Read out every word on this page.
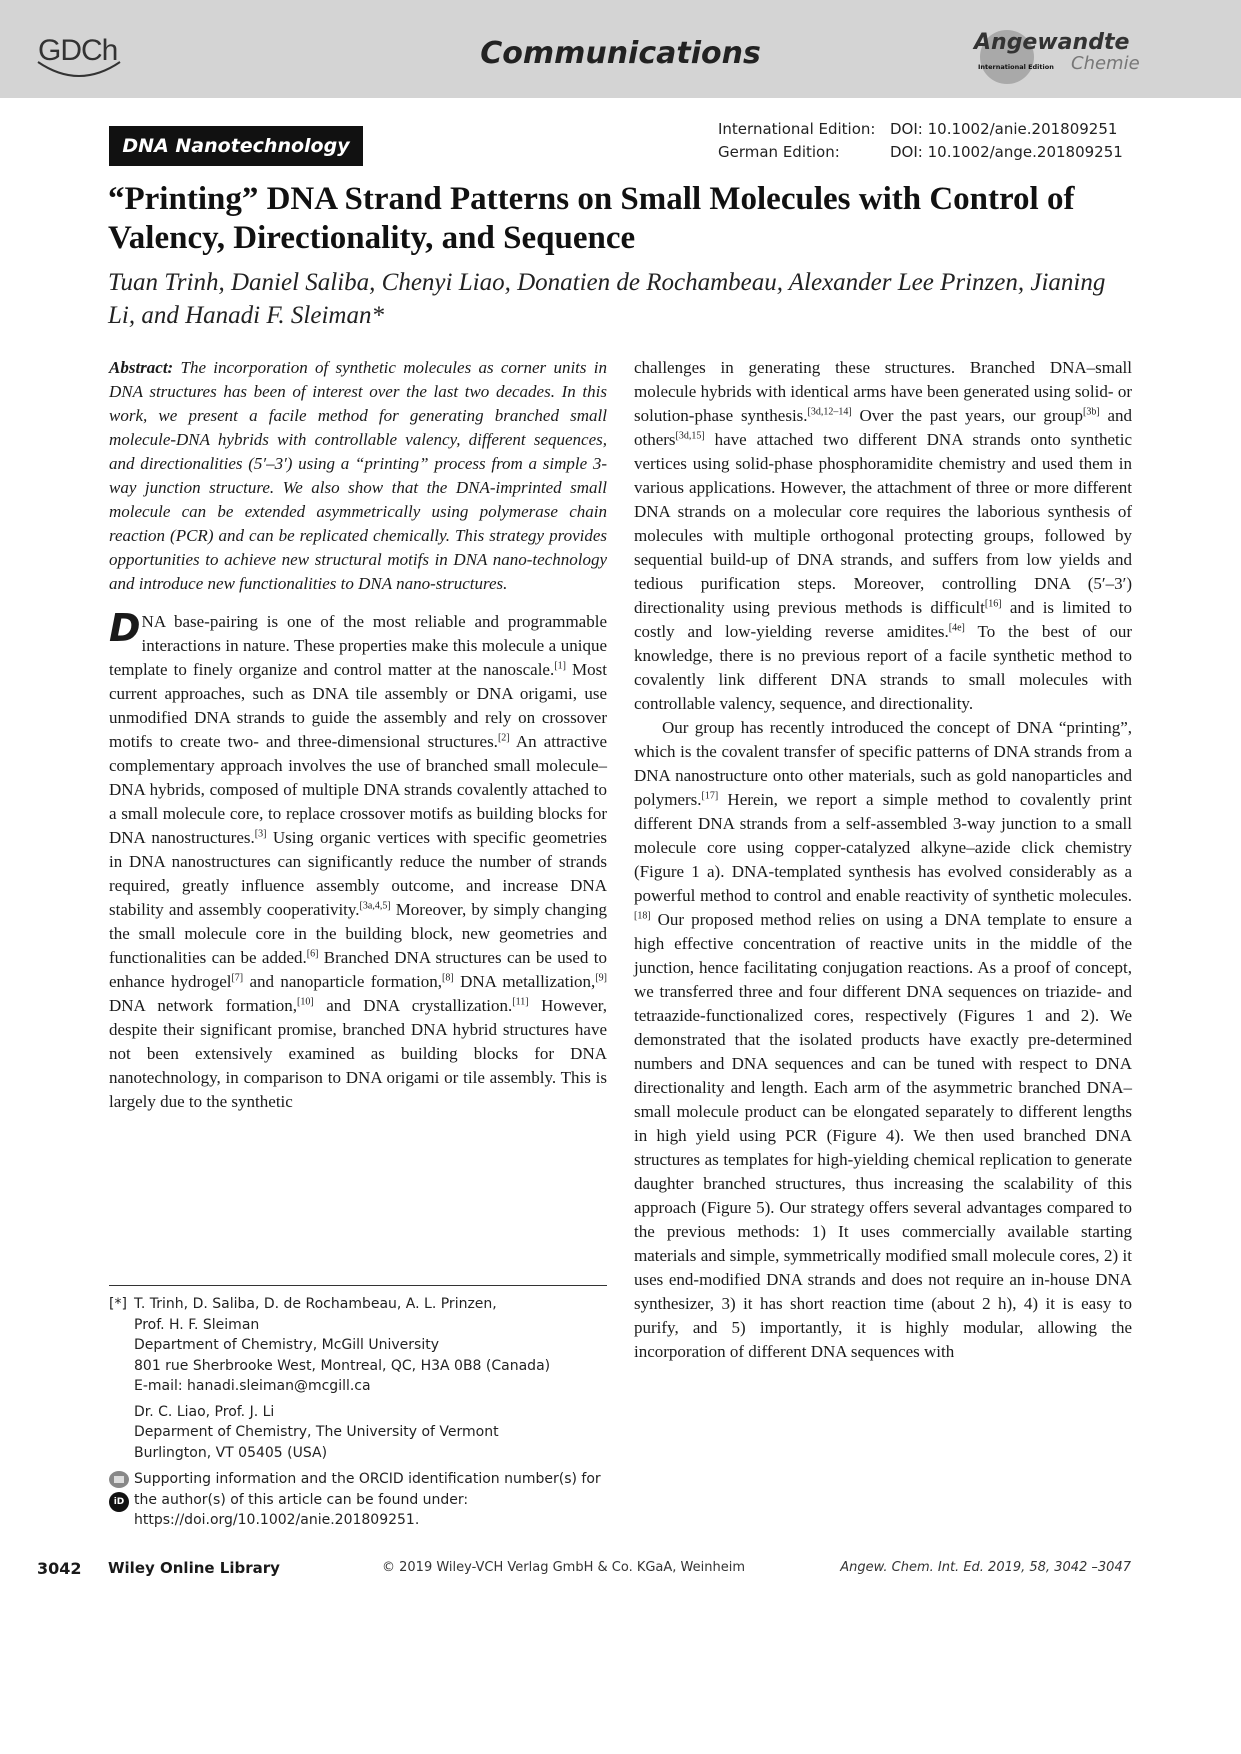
GDCh	Communications	Angewandte
International Edition Chemie
DNA Nanotechnology
International Edition: DOI: 10.1002/anie.201809251
German Edition:	DOI: 10.1002/ange.201809251
“Printing” DNA Strand Patterns on Small Molecules with Control of Valency, Directionality, and Sequence
Tuan Trinh, Daniel Saliba, Chenyi Liao, Donatien de Rochambeau, Alexander Lee Prinzen, Jianing Li, and Hanadi F. Sleiman*

Abstract: The incorporation of synthetic molecules as corner units in DNA structures has been of interest over the last two decades. In this work, we present a facile method for generating branched small molecule-DNA hybrids with controllable valency, different sequences, and directionalities (5′–3′) using a “printing” process from a simple 3-way junction structure. We also show that the DNA-imprinted small molecule can be extended asymmetrically using polymerase chain reaction (PCR) and can be replicated chemically. This strategy provides opportunities to achieve new structural motifs in DNA nano-technology and introduce new functionalities to DNA nano-structures.

DNA base-pairing is one of the most reliable and programmable interactions in nature. These properties make this molecule a unique template to finely organize and control matter at the nanoscale.[1] Most current approaches, such as DNA tile assembly or DNA origami, use unmodified DNA strands to guide the assembly and rely on crossover motifs to create two- and three-dimensional structures.[2] An attractive complementary approach involves the use of branched small molecule–DNA hybrids, composed of multiple DNA strands covalently attached to a small molecule core, to replace crossover motifs as building blocks for DNA nanostructures.[3] Using organic vertices with specific geometries in DNA nanostructures can significantly reduce the number of strands required, greatly influence assembly outcome, and increase DNA stability and assembly cooperativity.[3a,4,5] Moreover, by simply changing the small molecule core in the building block, new geometries and functionalities can be added.[6] Branched DNA structures can be used to enhance hydrogel[7] and nanoparticle formation,[8] DNA metallization,[9] DNA network formation,[10] and DNA crystallization.[11] However, despite their significant promise, branched DNA hybrid structures have not been extensively examined as building blocks for DNA nanotechnology, in comparison to DNA origami or tile assembly. This is largely due to the synthetic

challenges in generating these structures. Branched DNA–small molecule hybrids with identical arms have been generated using solid- or solution-phase synthesis.[3d,12–14] Over the past years, our group[3b] and others[3d,15] have attached two different DNA strands onto synthetic vertices using solid-phase phosphoramidite chemistry and used them in various applications. However, the attachment of three or more different DNA strands on a molecular core requires the laborious synthesis of molecules with multiple orthogonal protecting groups, followed by sequential build-up of DNA strands, and suffers from low yields and tedious purification steps. Moreover, controlling DNA (5′–3′) directionality using previous methods is difficult[16] and is limited to costly and low-yielding reverse amidites.[4e] To the best of our knowledge, there is no previous report of a facile synthetic method to covalently link different DNA strands to small molecules with controllable valency, sequence, and directionality.

Our group has recently introduced the concept of DNA “printing”, which is the covalent transfer of specific patterns of DNA strands from a DNA nanostructure onto other materials, such as gold nanoparticles and polymers.[17] Herein, we report a simple method to covalently print different DNA strands from a self-assembled 3-way junction to a small molecule core using copper-catalyzed alkyne–azide click chemistry (Figure 1 a). DNA-templated synthesis has evolved considerably as a powerful method to control and enable reactivity of synthetic molecules.[18] Our proposed method relies on using a DNA template to ensure a high effective concentration of reactive units in the middle of the junction, hence facilitating conjugation reactions. As a proof of concept, we transferred three and four different DNA sequences on triazide- and tetraazide-functionalized cores, respectively (Figures 1 and 2). We demonstrated that the isolated products have exactly pre-determined numbers and DNA sequences and can be tuned with respect to DNA directionality and length. Each arm of the asymmetric branched DNA–small molecule product can be elongated separately to different lengths in high yield using PCR (Figure 4). We then used branched DNA structures as templates for high-yielding chemical replication to generate daughter branched structures, thus increasing the scalability of this approach (Figure 5). Our strategy offers several advantages compared to the previous methods: 1) It uses commercially available starting materials and simple, symmetrically modified small molecule cores, 2) it uses end-modified DNA strands and does not require an in-house DNA synthesizer, 3) it has short reaction time (about 2 h), 4) it is easy to purify, and 5) importantly, it is highly modular, allowing the incorporation of different DNA sequences with

[*] T. Trinh, D. Saliba, D. de Rochambeau, A. L. Prinzen,
Prof. H. F. Sleiman
Department of Chemistry, McGill University
801 rue Sherbrooke West, Montreal, QC, H3A 0B8 (Canada)
E-mail: hanadi.sleiman@mcgill.ca
Dr. C. Liao, Prof. J. Li
Deparment of Chemistry, The University of Vermont
Burlington, VT 05405 (USA)
iD
Supporting information and the ORCID identification number(s) for the author(s) of this article can be found under: https://doi.org/10.1002/anie.201809251.
3042 Wiley Online Library	© 2019 Wiley-VCH Verlag GmbH & Co. KGaA, Weinheim	Angew. Chem. Int. Ed. 2019, 58, 3042 –3047
